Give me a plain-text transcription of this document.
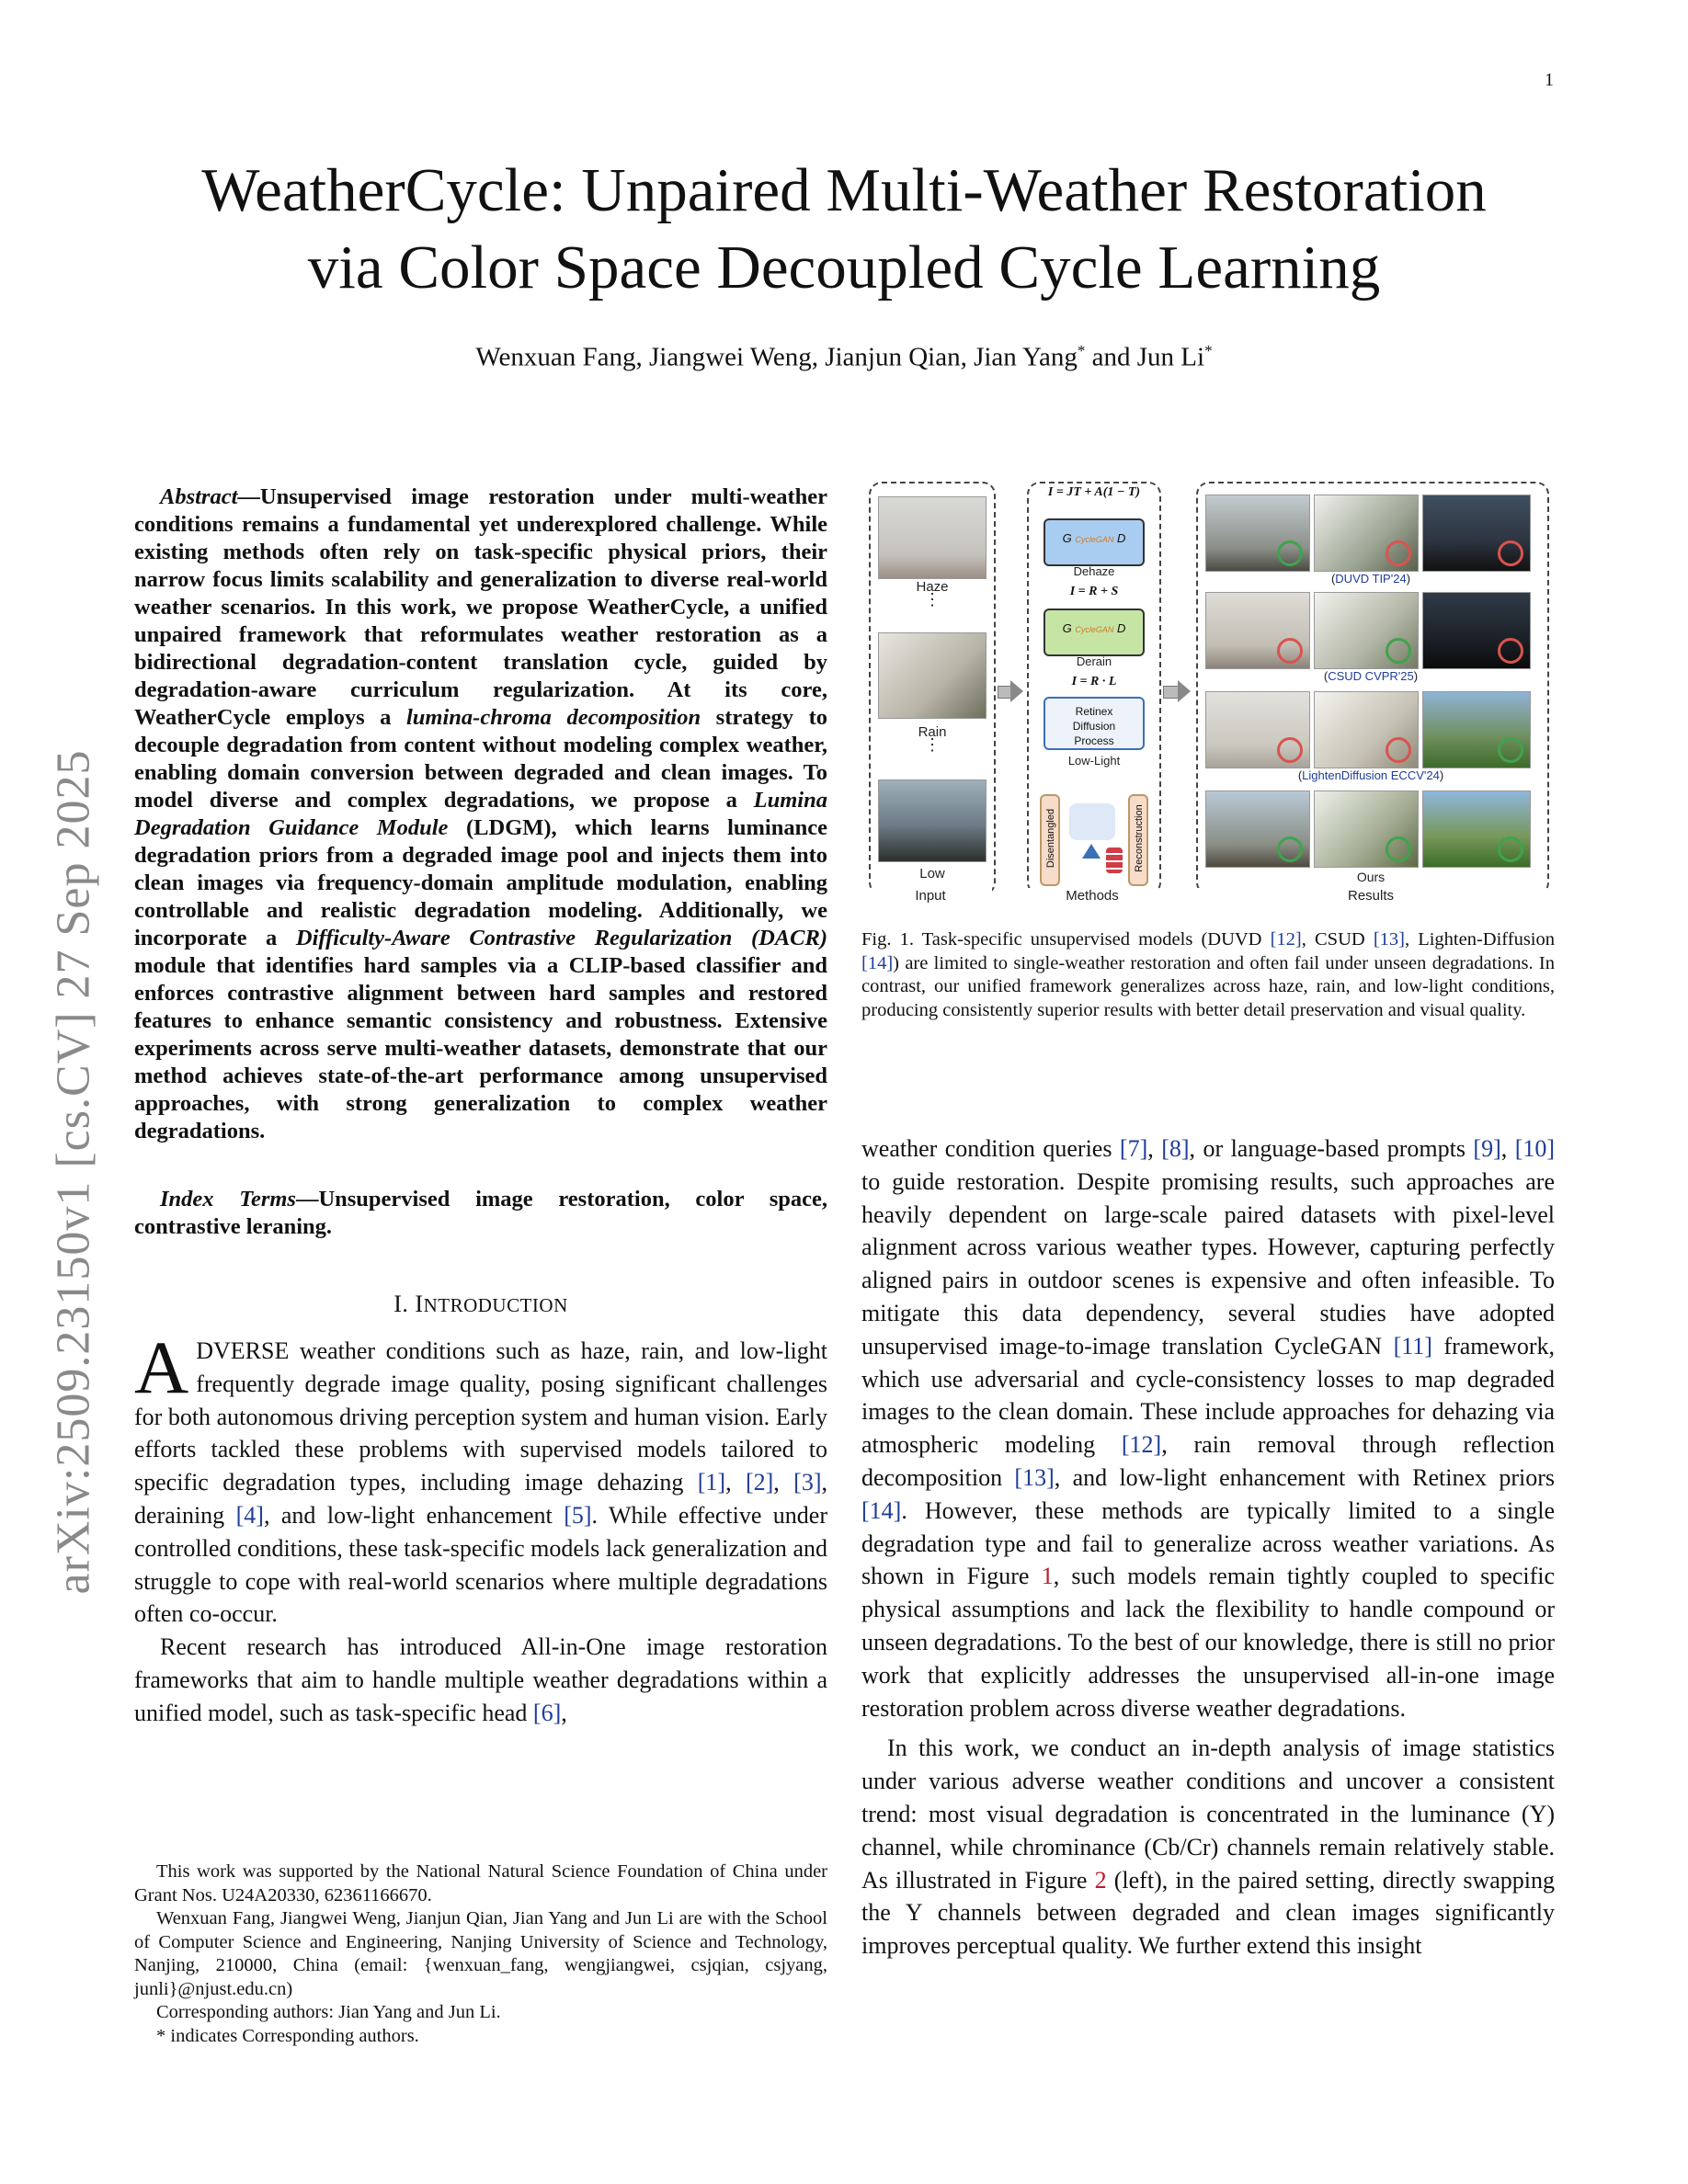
1
WeatherCycle: Unpaired Multi-Weather Restoration
via Color Space Decoupled Cycle Learning
Wenxuan Fang, Jiangwei Weng, Jianjun Qian, Jian Yang* and Jun Li*
arXiv:2509.23150v1 [cs.CV] 27 Sep 2025

Abstract—Unsupervised image restoration under multi-weather conditions remains a fundamental yet underexplored challenge. While existing methods often rely on task-specific physical priors, their narrow focus limits scalability and generalization to diverse real-world weather scenarios. In this work, we propose WeatherCycle, a unified unpaired framework that reformulates weather restoration as a bidirectional degradation-content translation cycle, guided by degradation-aware curriculum regularization. At its core, WeatherCycle employs a lumina-chroma decomposition strategy to decouple degradation from content without modeling complex weather, enabling domain conversion between degraded and clean images. To model diverse and complex degradations, we propose a Lumina Degradation Guidance Module (LDGM), which learns luminance degradation priors from a degraded image pool and injects them into clean images via frequency-domain amplitude modulation, enabling controllable and realistic degradation modeling. Additionally, we incorporate a Difficulty-Aware Contrastive Regularization (DACR) module that identifies hard samples via a CLIP-based classifier and enforces contrastive alignment between hard samples and restored features to enhance semantic consistency and robustness. Extensive experiments across serve multi-weather datasets, demonstrate that our method achieves state-of-the-art performance among unsupervised approaches, with strong generalization to complex weather degradations.

Index Terms—Unsupervised image restoration, color space, contrastive leraning.

I. INTRODUCTION

ADVERSE weather conditions such as haze, rain, and low-light frequently degrade image quality, posing significant challenges for both autonomous driving perception system and human vision. Early efforts tackled these problems with supervised models tailored to specific degradation types, including image dehazing [1], [2], [3], deraining [4], and low-light enhancement [5]. While effective under controlled conditions, these task-specific models lack generalization and struggle to cope with real-world scenarios where multiple degradations often co-occur.

Recent research has introduced All-in-One image restoration frameworks that aim to handle multiple weather degradations within a unified model, such as task-specific head [6],

This work was supported by the National Natural Science Foundation of China under Grant Nos. U24A20330, 62361166670.

Wenxuan Fang, Jiangwei Weng, Jianjun Qian, Jian Yang and Jun Li are with the School of Computer Science and Engineering, Nanjing University of Science and Technology, Nanjing, 210000, China (email: {wenxuan_fang, wengjiangwei, csjqian, csjyang, junli}@njust.edu.cn)

Corresponding authors: Jian Yang and Jun Li.

* indicates Corresponding authors.

Haze
⋮
Rain
⋮
Low
Input
I = JT + A(1 − T)
G CycleGAN D
Dehaze
I = R + S
G CycleGAN D
Derain
I = R · L
Retinex Diffusion Process
Low-Light
Disentangled	Reconstruction
Methods
(DUVD TIP'24)
(CSUD CVPR'25)
(LightenDiffusion ECCV'24)
Ours
Results
Fig. 1. Task-specific unsupervised models (DUVD [12], CSUD [13], Lighten-Diffusion [14]) are limited to single-weather restoration and often fail under unseen degradations. In contrast, our unified framework generalizes across haze, rain, and low-light conditions, producing consistently superior results with better detail preservation and visual quality.

weather condition queries [7], [8], or language-based prompts [9], [10] to guide restoration. Despite promising results, such approaches are heavily dependent on large-scale paired datasets with pixel-level alignment across various weather types. However, capturing perfectly aligned pairs in outdoor scenes is expensive and often infeasible. To mitigate this data dependency, several studies have adopted unsupervised image-to-image translation CycleGAN [11] framework, which use adversarial and cycle-consistency losses to map degraded images to the clean domain. These include approaches for dehazing via atmospheric modeling [12], rain removal through reflection decomposition [13], and low-light enhancement with Retinex priors [14]. However, these methods are typically limited to a single degradation type and fail to generalize across weather variations. As shown in Figure 1, such models remain tightly coupled to specific physical assumptions and lack the flexibility to handle compound or unseen degradations. To the best of our knowledge, there is still no prior work that explicitly addresses the unsupervised all-in-one image restoration problem across diverse weather degradations.

In this work, we conduct an in-depth analysis of image statistics under various adverse weather conditions and uncover a consistent trend: most visual degradation is concentrated in the luminance (Y) channel, while chrominance (Cb/Cr) channels remain relatively stable. As illustrated in Figure 2 (left), in the paired setting, directly swapping the Y channels between degraded and clean images significantly improves perceptual quality. We further extend this insight
